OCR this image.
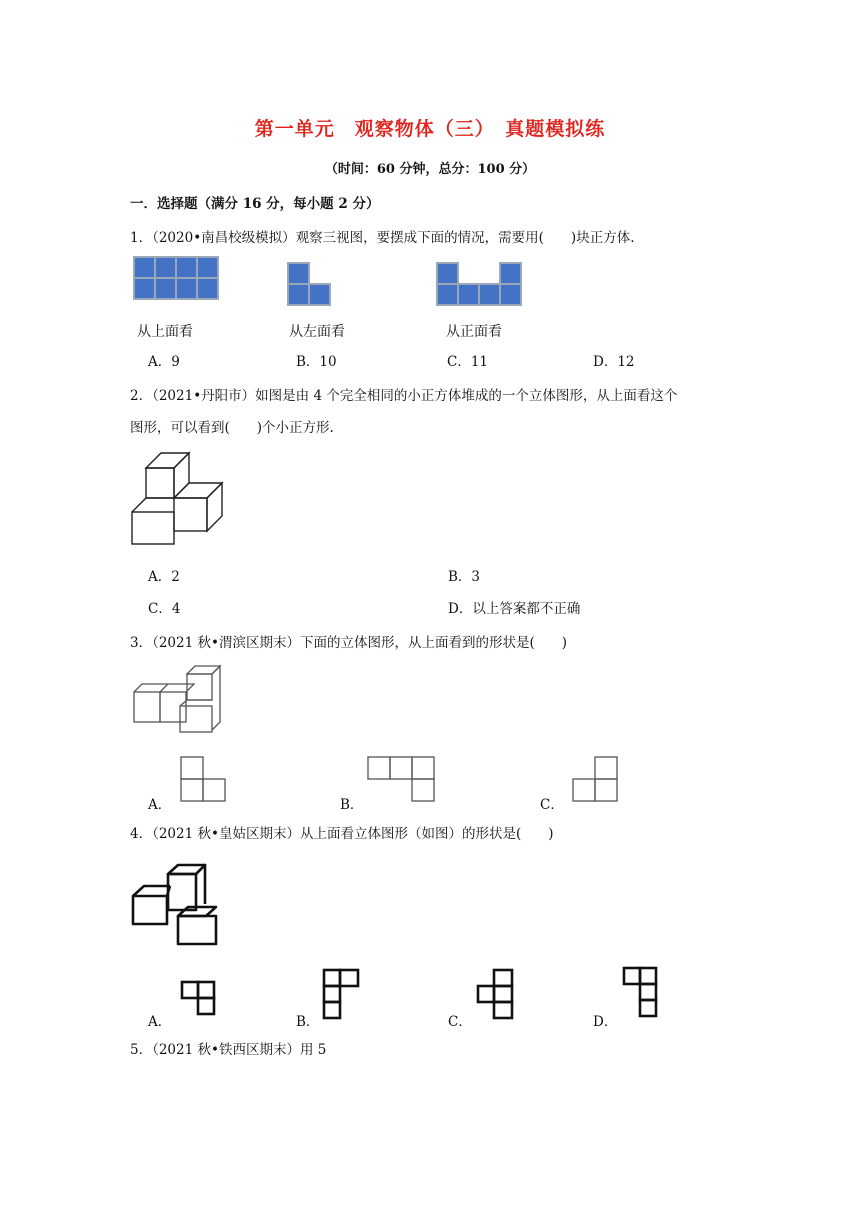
第一单元　观察物体（三）　真题模拟练
（时间：60 分钟，总分：100 分）
一．选择题（满分 16 分，每小题 2 分）
1．（2020•南昌校级模拟）观察三视图，要摆成下面的情况，需要用(　　)块正方体.
从上面看	从左面看	从正面看
A．9	B．10	C．11	D．12
2．（2021•丹阳市）如图是由 4 个完全相同的小正方体堆成的一个立体图形，从上面看这个
图形，可以看到(　　)个小正方形.
A．2	B．3
C．4	D．以上答案都不正确
3．（2021 秋•渭滨区期末）下面的立体图形，从上面看到的形状是(　　)
A．	B．	C．
4．（2021 秋•皇姑区期末）从上面看立体图形（如图）的形状是(　　)
A．	B．	C．	D．
5．（2021 秋•铁西区期末）用 5
